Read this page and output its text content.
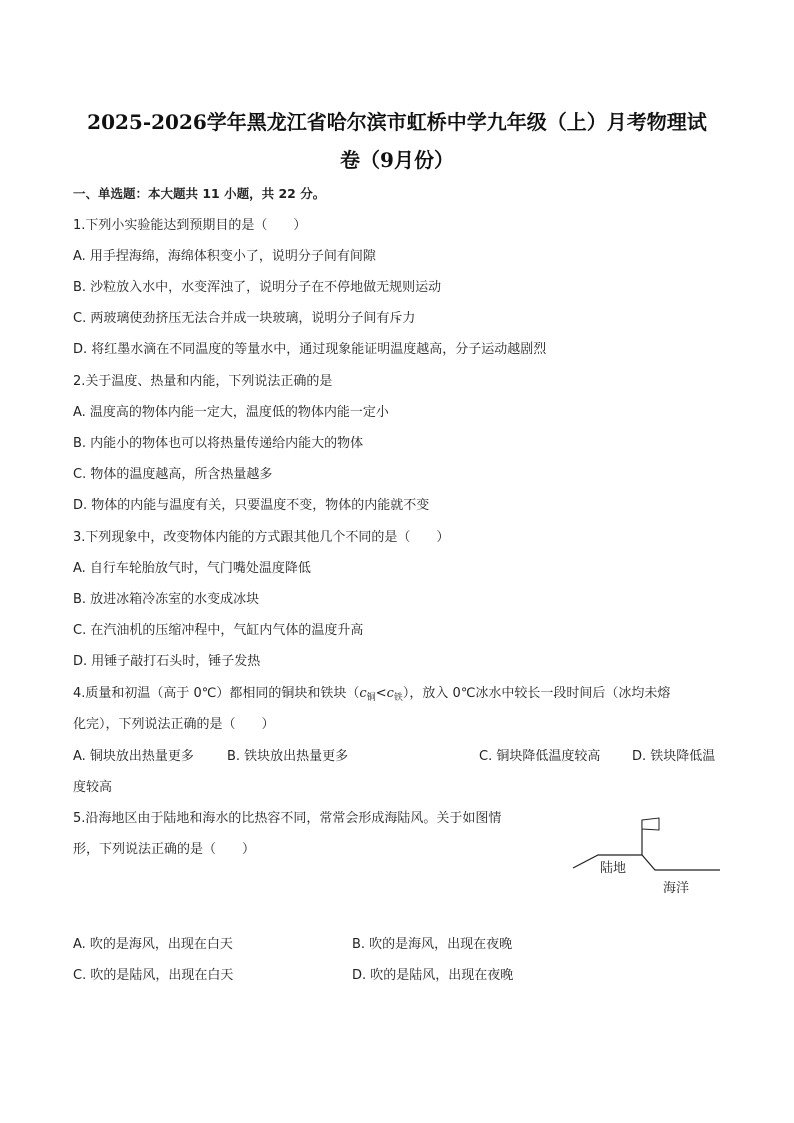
2025-2026学年黑龙江省哈尔滨市虹桥中学九年级（上）月考物理试
卷（9月份）
一、单选题：本大题共 11 小题，共 22 分。
1.下列小实验能达到预期目的是（　　）
A. 用手捏海绵，海绵体积变小了，说明分子间有间隙
B. 沙粒放入水中，水变浑浊了，说明分子在不停地做无规则运动
C. 两玻璃使劲挤压无法合并成一块玻璃，说明分子间有斥力
D. 将红墨水滴在不同温度的等量水中，通过现象能证明温度越高，分子运动越剧烈
2.关于温度、热量和内能，下列说法正确的是
A. 温度高的物体内能一定大，温度低的物体内能一定小
B. 内能小的物体也可以将热量传递给内能大的物体
C. 物体的温度越高，所含热量越多
D. 物体的内能与温度有关，只要温度不变，物体的内能就不变
3.下列现象中，改变物体内能的方式跟其他几个不同的是（　　）
A. 自行车轮胎放气时，气门嘴处温度降低
B. 放进冰箱冷冻室的水变成冰块
C. 在汽油机的压缩冲程中，气缸内气体的温度升高
D. 用锤子敲打石头时，锤子发热
4.质量和初温（高于 0℃）都相同的铜块和铁块$(c_铜<c_铁)$，放入 0℃冰水中较长一段时间后（冰均未熔
化完），下列说法正确的是（　　）
A. 铜块放出热量更多	B. 铁块放出热量更多	C. 铜块降低温度较高 D. 铁块降低温
度较高
5.沿海地区由于陆地和海水的比热容不同，常常会形成海陆风。关于如图情
形，下列说法正确的是（　　）
陆地
海洋
A. 吹的是海风，出现在白天	B. 吹的是海风，出现在夜晚
C. 吹的是陆风，出现在白天	D. 吹的是陆风，出现在夜晚
